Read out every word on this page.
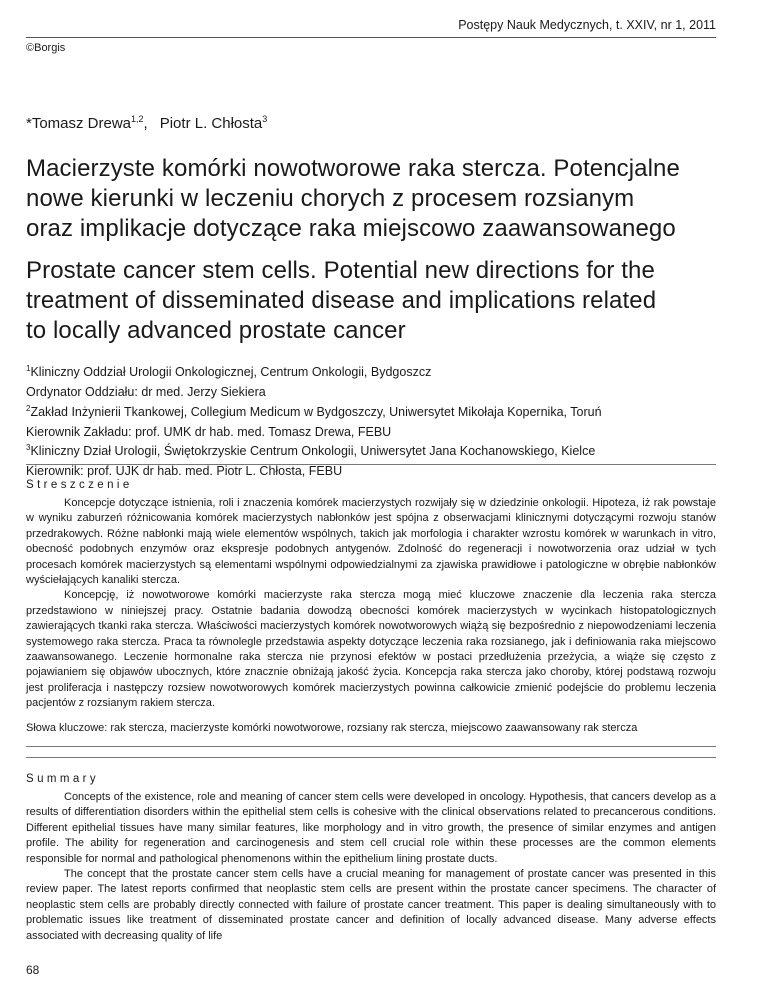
Postępy Nauk Medycznych, t. XXIV, nr 1, 2011
©Borgis
*Tomasz Drewa$^{1,2}$, Piotr L. Chłosta$^3$
Macierzyste komórki nowotworowe raka stercza. Potencjalne
nowe kierunki w leczeniu chorych z procesem rozsianym
oraz implikacje dotyczące raka miejscowo zaawansowanego
Prostate cancer stem cells. Potential new directions for the
treatment of disseminated disease and implications related
to locally advanced prostate cancer
$^1$Kliniczny Oddział Urologii Onkologicznej, Centrum Onkologii, Bydgoszcz
Ordynator Oddziału: dr med. Jerzy Siekiera
$^2$Zakład Inżynierii Tkankowej, Collegium Medicum w Bydgoszczy, Uniwersytet Mikołaja Kopernika, Toruń
Kierownik Zakładu: prof. UMK dr hab. med. Tomasz Drewa, FEBU
$^3$Kliniczny Dział Urologii, Świętokrzyskie Centrum Onkologii, Uniwersytet Jana Kochanowskiego, Kielce
Kierownik: prof. UJK dr hab. med. Piotr L. Chłosta, FEBU
Streszczenie

Koncepcje dotyczące istnienia, roli i znaczenia komórek macierzystych rozwijały się w dziedzinie onkologii. Hipoteza, iż rak powstaje w wyniku zaburzeń różnicowania komórek macierzystych nabłonków jest spójna z obserwacjami klinicznymi dotyczącymi rozwoju stanów przedrakowych. Różne nabłonki mają wiele elementów wspólnych, takich jak morfologia i charakter wzrostu komórek w warunkach in vitro, obecność podobnych enzymów oraz ekspresje podobnych antygenów. Zdolność do regeneracji i nowotworzenia oraz udział w tych procesach komórek macierzystych są elementami wspólnymi odpowiedzialnymi za zjawiska prawidłowe i patologiczne w obrębie nabłonków wyściełających kanaliki stercza.

Koncepcję, iż nowotworowe komórki macierzyste raka stercza mogą mieć kluczowe znaczenie dla leczenia raka stercza przedstawiono w niniejszej pracy. Ostatnie badania dowodzą obecności komórek macierzystych w wycinkach histopatologicznych zawierających tkanki raka stercza. Właściwości macierzystych komórek nowotworowych wiążą się bezpośrednio z niepowodzeniami leczenia systemowego raka stercza. Praca ta równolegle przedstawia aspekty dotyczące leczenia raka rozsianego, jak i definiowania raka miejscowo zaawansowanego. Leczenie hormonalne raka stercza nie przynosi efektów w postaci przedłużenia przeżycia, a wiąże się często z pojawianiem się objawów ubocznych, które znacznie obniżają jakość życia. Koncepcja raka stercza jako choroby, której podstawą rozwoju jest proliferacja i następczy rozsiew nowotworowych komórek macierzystych powinna całkowicie zmienić podejście do problemu leczenia pacjentów z rozsianym rakiem stercza.

Słowa kluczowe: rak stercza, macierzyste komórki nowotworowe, rozsiany rak stercza, miejscowo zaawansowany rak stercza
Summary

Concepts of the existence, role and meaning of cancer stem cells were developed in oncology. Hypothesis, that cancers develop as a results of differentiation disorders within the epithelial stem cells is cohesive with the clinical observations related to precancerous conditions. Different epithelial tissues have many similar features, like morphology and in vitro growth, the presence of similar enzymes and antigen profile. The ability for regeneration and carcinogenesis and stem cell crucial role within these processes are the common elements responsible for normal and pathological phenomenons within the epithelium lining prostate ducts.

The concept that the prostate cancer stem cells have a crucial meaning for management of prostate cancer was presented in this review paper. The latest reports confirmed that neoplastic stem cells are present within the prostate cancer specimens. The character of neoplastic stem cells are probably directly connected with failure of prostate cancer treatment. This paper is dealing simultaneously with to problematic issues like treatment of disseminated prostate cancer and definition of locally advanced disease. Many adverse effects associated with decreasing quality of life

68
